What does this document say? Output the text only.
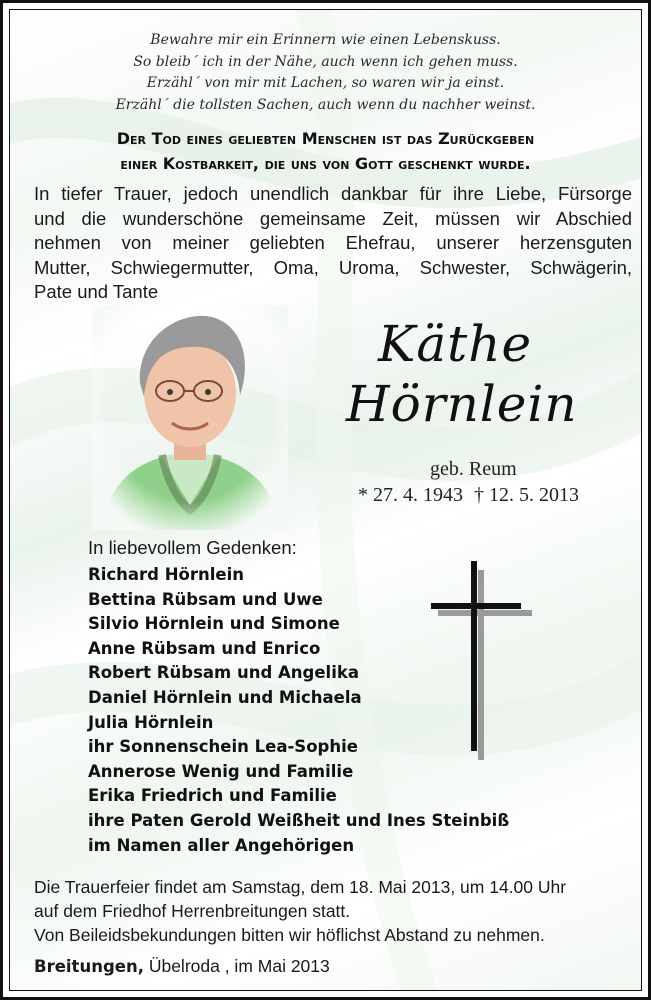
Bewahre mir ein Erinnern wie einen Lebenskuss.
So bleib´ ich in der Nähe, auch wenn ich gehen muss.
Erzähl´ von mir mit Lachen, so waren wir ja einst.
Erzähl´ die tollsten Sachen, auch wenn du nachher weinst.
Der Tod eines geliebten Menschen ist das Zurückgeben
einer Kostbarkeit, die uns von Gott geschenkt wurde.
In tiefer Trauer, jedoch unendlich dankbar für ihre Liebe, Fürsorge
und die wunderschöne gemeinsame Zeit, müssen wir Abschied
nehmen von meiner geliebten Ehefrau, unserer herzensguten
Mutter, Schwiegermutter, Oma, Uroma, Schwester, Schwägerin,
Pate und Tante
Käthe
Hörnlein
geb. Reum
* 27. 4. 1943 † 12. 5. 2013
In liebevollem Gedenken:
Richard Hörnlein
Bettina Rübsam und Uwe
Silvio Hörnlein und Simone
Anne Rübsam und Enrico
Robert Rübsam und Angelika
Daniel Hörnlein und Michaela
Julia Hörnlein
ihr Sonnenschein Lea-Sophie
Annerose Wenig und Familie
Erika Friedrich und Familie
ihre Paten Gerold Weißheit und Ines Steinbiß
im Namen aller Angehörigen
Die Trauerfeier findet am Samstag, dem 18. Mai 2013, um 14.00 Uhr
auf dem Friedhof Herrenbreitungen statt.
Von Beileidsbekundungen bitten wir höflichst Abstand zu nehmen.
Breitungen, Übelroda , im Mai 2013
